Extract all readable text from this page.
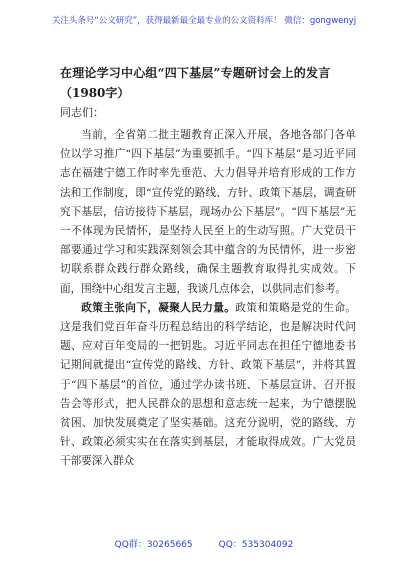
关注头条号“公文研究”，获得最新最全最专业的公文资料库！ 微信：gongwenyj
在理论学习中心组“四下基层”专题研讨会上的发言
（1980字）
同志们：

当前，全省第二批主题教育正深入开展，各地各部门各单位以学习推广“四下基层”为重要抓手。“四下基层”是习近平同志在福建宁德工作时率先垂范、大力倡导并培育形成的工作方法和工作制度，即“宣传党的路线、方针、政策下基层，调查研究下基层，信访接待下基层，现场办公下基层”。“四下基层”无一不体现为民情怀，是坚持人民至上的生动写照。广大党员干部要通过学习和实践深刻领会其中蕴含的为民情怀，进一步密切联系群众践行群众路线，确保主题教育取得扎实成效。下面，围绕中心组发言主题，我谈几点体会，以供同志们参考。

政策主张向下，凝聚人民力量。政策和策略是党的生命。这是我们党百年奋斗历程总结出的科学结论，也是解决时代问题、应对百年变局的一把钥匙。习近平同志在担任宁德地委书记期间就提出“宣传党的路线、方针、政策下基层”，并将其置于“四下基层”的首位，通过学办读书班、下基层宣讲、召开报告会等形式，把人民群众的思想和意志统一起来，为宁德摆脱贫困、加快发展奠定了坚实基础。这充分说明，党的路线、方针、政策必须实实在在落实到基层，才能取得成效。广大党员干部要深入群众

QQ群：30265665	QQ：535304092
